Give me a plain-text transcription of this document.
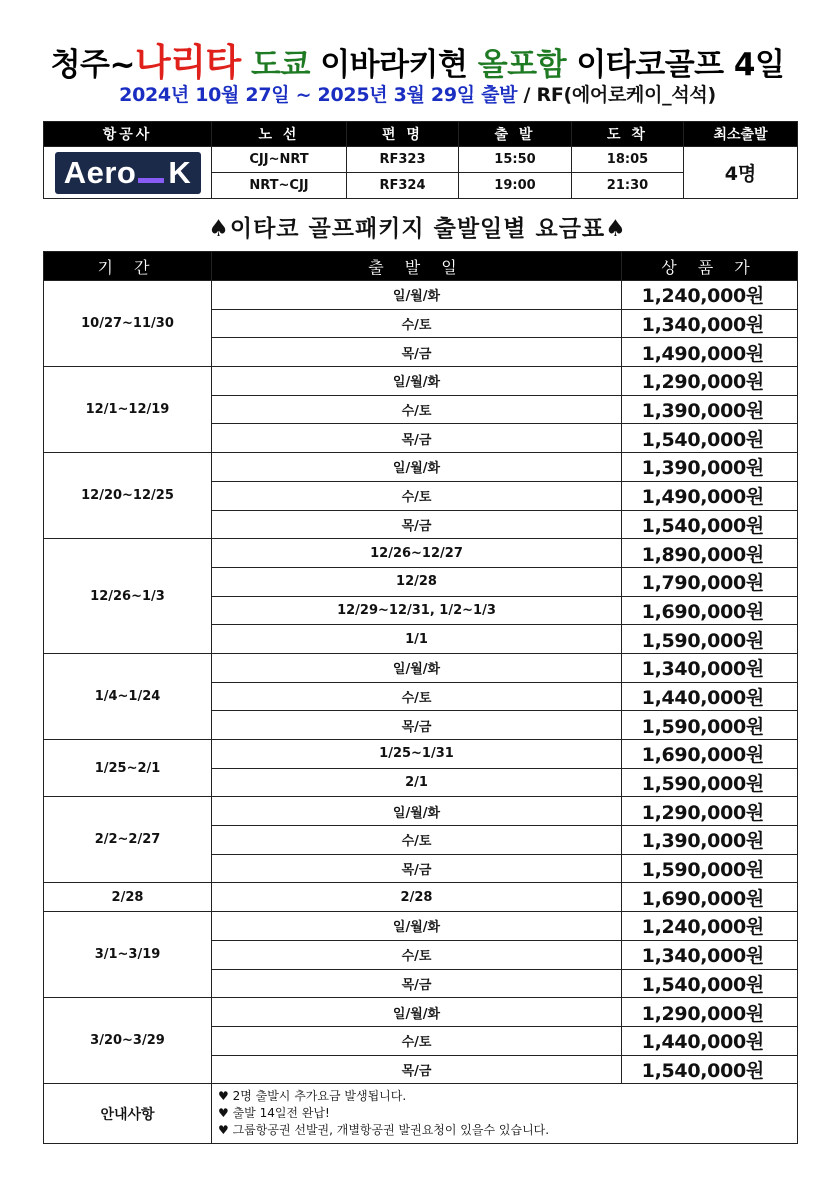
청주~나리타 도쿄 이바라키현 올포함 이타코골프 4일
2024년 10월 27일 ~ 2025년 3월 29일 출발 / RF(에어로케이_석석)
항공사	노 선	편 명	출 발	도 착	최소출발
Aero K	CJJ~NRT	RF323	15:50	18:05	4명
	NRT~CJJ	RF324	19:00	21:30	
♠이타코 골프패키지 출발일별 요금표♠
기 간	출 발 일	상 품 가
10/27~11/30	일/월/화	1,240,000원
	수/토	1,340,000원
	목/금	1,490,000원
12/1~12/19	일/월/화	1,290,000원
	수/토	1,390,000원
	목/금	1,540,000원
12/20~12/25	일/월/화	1,390,000원
	수/토	1,490,000원
	목/금	1,540,000원
12/26~1/3	12/26~12/27	1,890,000원
	12/28	1,790,000원
	12/29~12/31, 1/2~1/3	1,690,000원
	1/1	1,590,000원
1/4~1/24	일/월/화	1,340,000원
	수/토	1,440,000원
	목/금	1,590,000원
1/25~2/1	1/25~1/31	1,690,000원
	2/1	1,590,000원
2/2~2/27	일/월/화	1,290,000원
	수/토	1,390,000원
	목/금	1,590,000원
2/28	2/28	1,690,000원
3/1~3/19	일/월/화	1,240,000원
	수/토	1,340,000원
	목/금	1,540,000원
3/20~3/29	일/월/화	1,290,000원
	수/토	1,440,000원
	목/금	1,540,000원
안내사항	♥ 2명 출발시 추가요금 발생됩니다.
♥ 출발 14일전 완납!
♥ 그룹항공권 선발권, 개별항공권 발권요청이 있을수 있습니다.	
